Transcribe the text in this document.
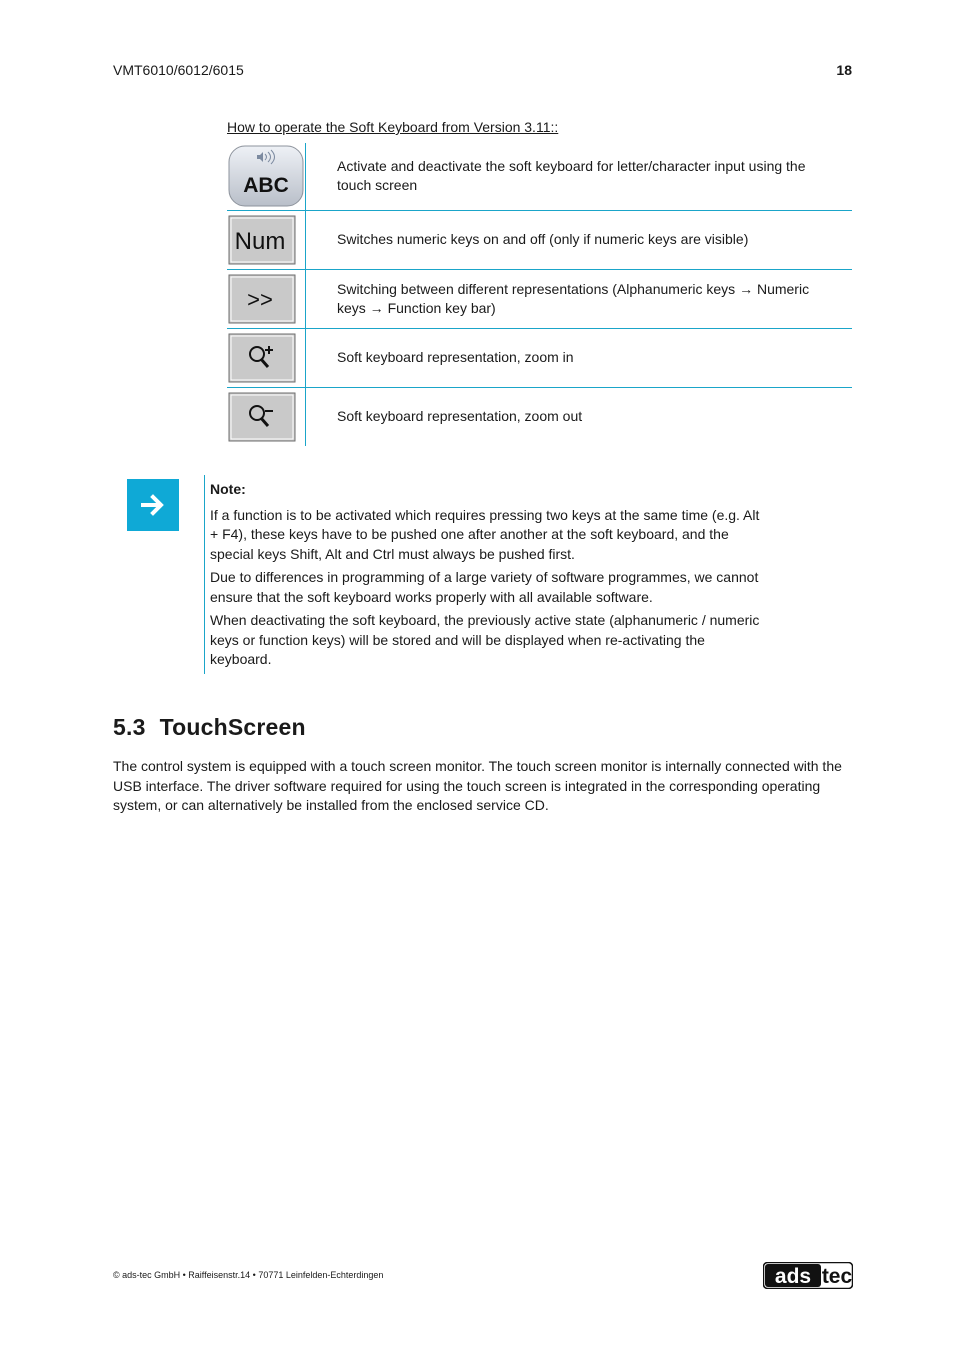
VMT6010/6012/6015	18
How to operate the Soft Keyboard from Version 3.11::
ABC	Activate and deactivate the soft keyboard for letter/character input using the touch screen

Num	Switches numeric keys on and off (only if numeric keys are visible)

>>	Switching between different representations (Alphanumeric keys → Numeric keys → Function key bar)

	Soft keyboard representation, zoom in

	Soft keyboard representation, zoom out

Note:

If a function is to be activated which requires pressing two keys at the same time (e.g. Alt + F4), these keys have to be pushed one after another at the soft keyboard, and the special keys Shift, Alt and Ctrl must always be pushed first.

Due to differences in programming of a large variety of software programmes, we cannot ensure that the soft keyboard works properly with all available software.

When deactivating the soft keyboard, the previously active state (alphanumeric / numeric keys or function keys) will be stored and will be displayed when re-activating the keyboard.

5.3 TouchScreen
The control system is equipped with a touch screen monitor. The touch screen monitor is internally connected with the USB interface. The driver software required for using the touch screen is integrated in the corresponding operating system, or can alternatively be installed from the enclosed service CD.
© ads-tec GmbH • Raiffeisenstr.14 • 70771 Leinfelden-Echterdingen	ads tec
